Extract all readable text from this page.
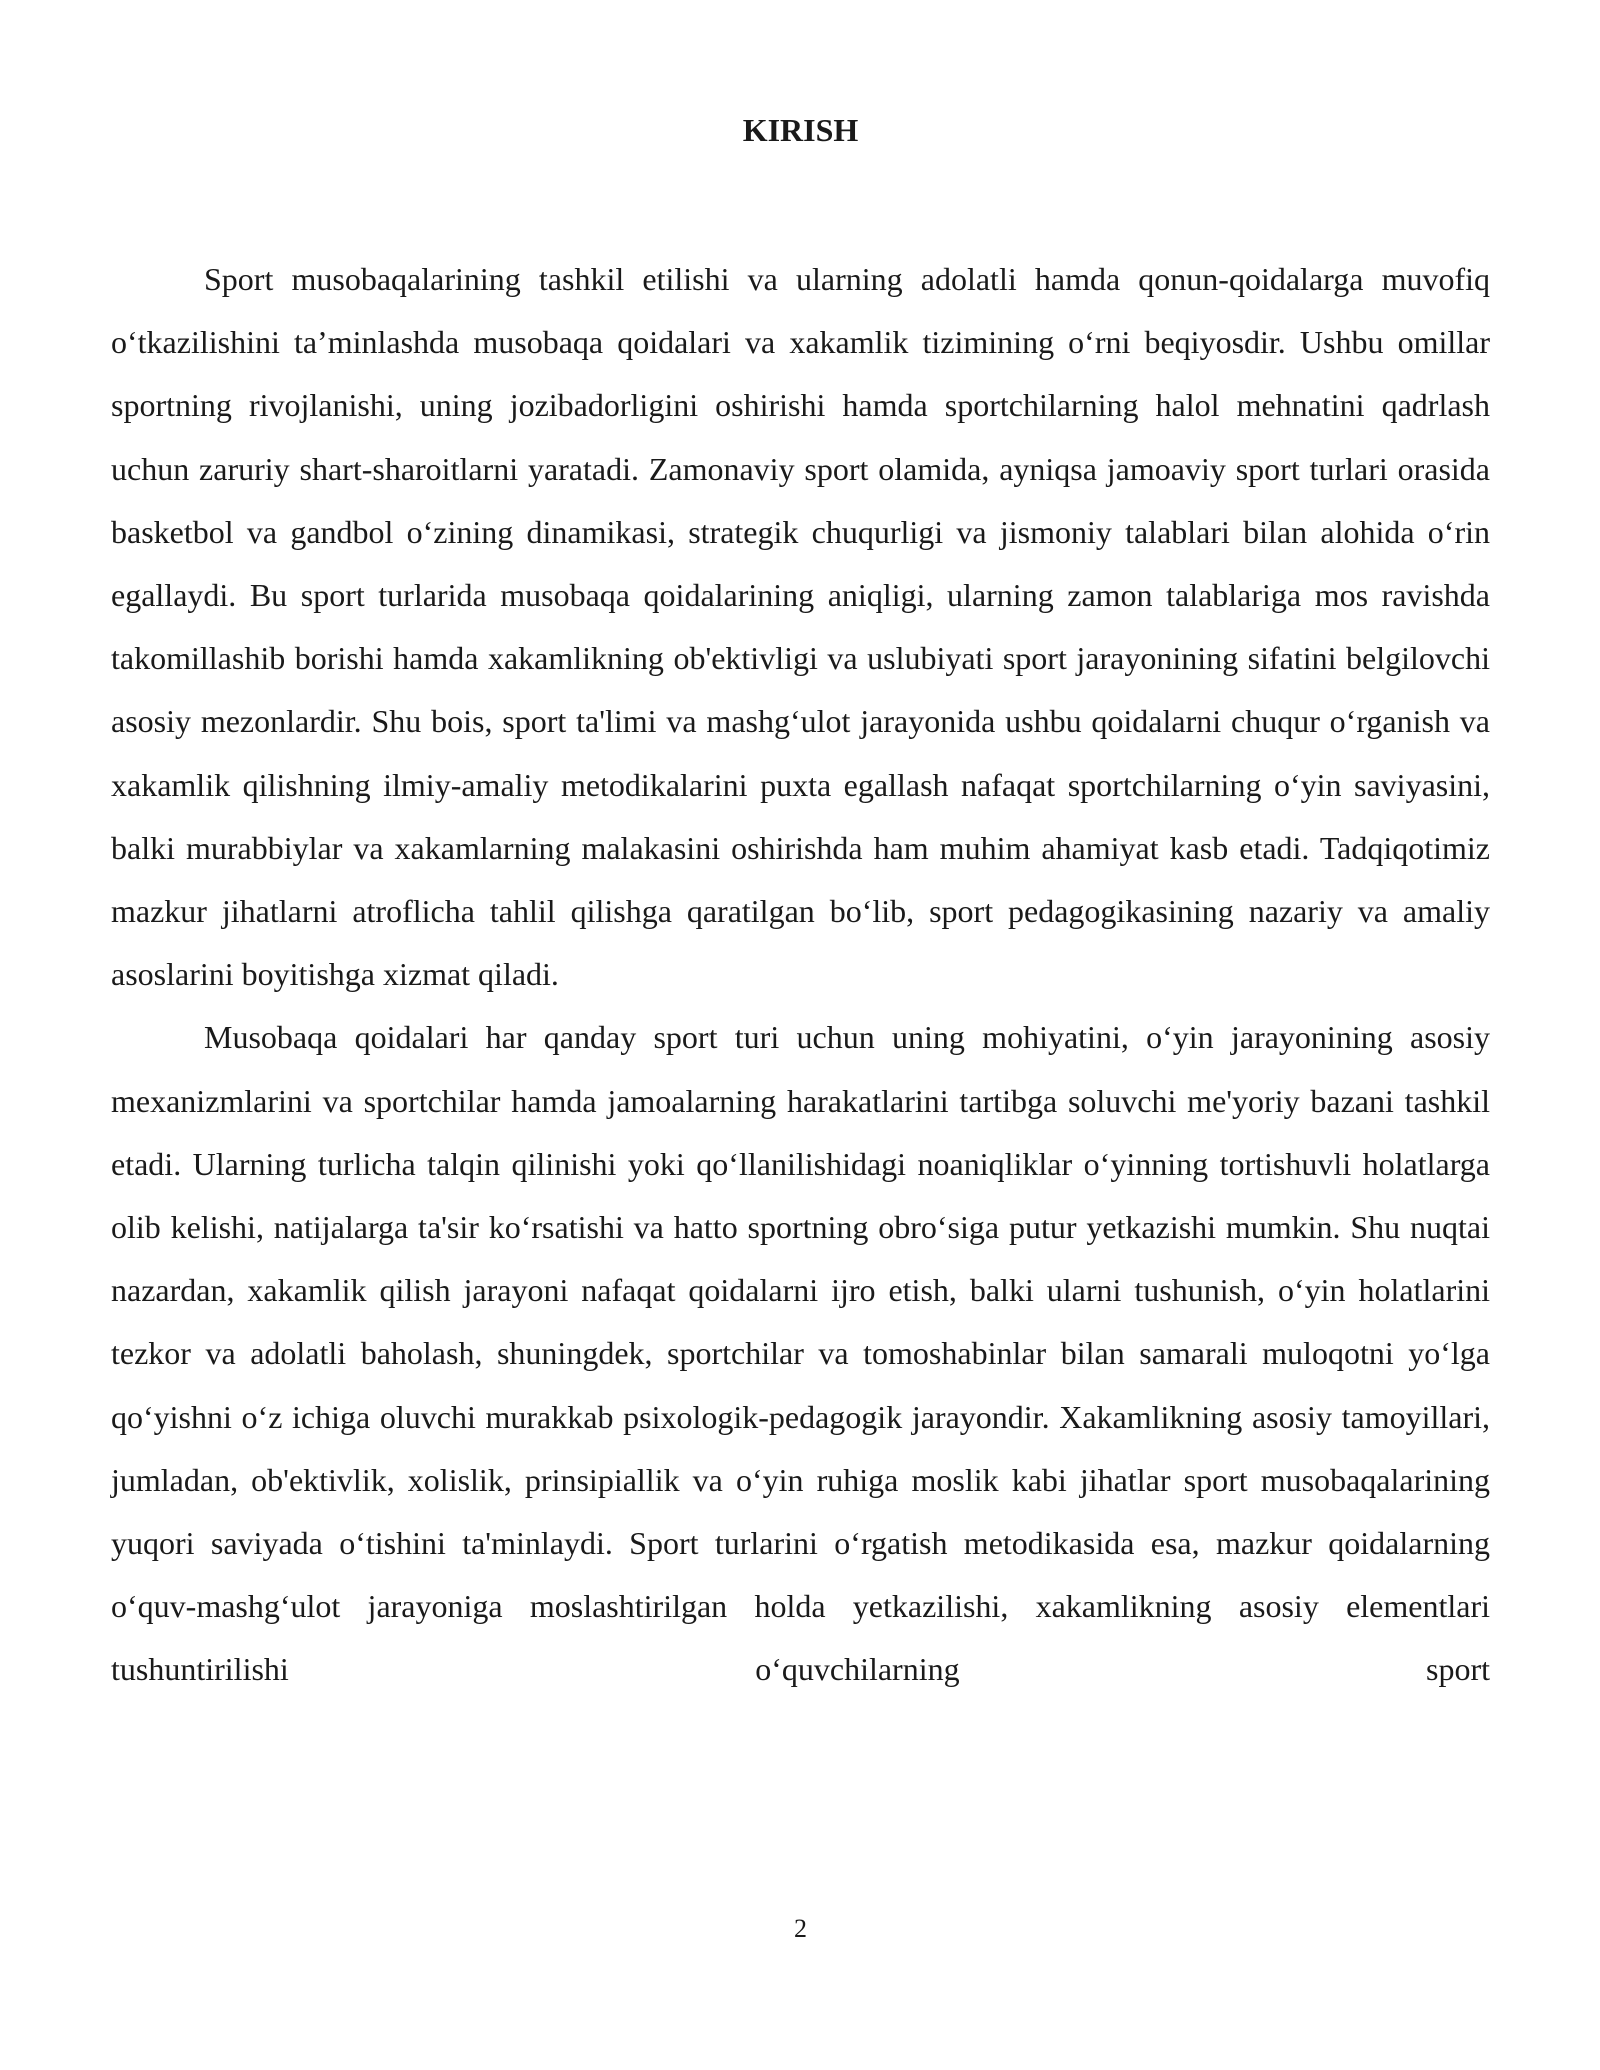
KIRISH

Sport musobaqalarining tashkil etilishi va ularning adolatli hamda qonun-qoidalarga muvofiq o‘tkazilishini ta’minlashda musobaqa qoidalari va xakamlik tizimining o‘rni beqiyosdir. Ushbu omillar sportning rivojlanishi, uning jozibadorligini oshirishi hamda sportchilarning halol mehnatini qadrlash uchun zaruriy shart-sharoitlarni yaratadi. Zamonaviy sport olamida, ayniqsa jamoaviy sport turlari orasida basketbol va gandbol o‘zining dinamikasi, strategik chuqurligi va jismoniy talablari bilan alohida o‘rin egallaydi. Bu sport turlarida musobaqa qoidalarining aniqligi, ularning zamon talablariga mos ravishda takomillashib borishi hamda xakamlikning ob'ektivligi va uslubiyati sport jarayonining sifatini belgilovchi asosiy mezonlardir. Shu bois, sport ta'limi va mashg‘ulot jarayonida ushbu qoidalarni chuqur o‘rganish va xakamlik qilishning ilmiy-amaliy metodikalarini puxta egallash nafaqat sportchilarning o‘yin saviyasini, balki murabbiylar va xakamlarning malakasini oshirishda ham muhim ahamiyat kasb etadi. Tadqiqotimiz mazkur jihatlarni atroflicha tahlil qilishga qaratilgan bo‘lib, sport pedagogikasining nazariy va amaliy asoslarini boyitishga xizmat qiladi.

Musobaqa qoidalari har qanday sport turi uchun uning mohiyatini, o‘yin jarayonining asosiy mexanizmlarini va sportchilar hamda jamoalarning harakatlarini tartibga soluvchi me'yoriy bazani tashkil etadi. Ularning turlicha talqin qilinishi yoki qo‘llanilishidagi noaniqliklar o‘yinning tortishuvli holatlarga olib kelishi, natijalarga ta'sir ko‘rsatishi va hatto sportning obro‘siga putur yetkazishi mumkin. Shu nuqtai nazardan, xakamlik qilish jarayoni nafaqat qoidalarni ijro etish, balki ularni tushunish, o‘yin holatlarini tezkor va adolatli baholash, shuningdek, sportchilar va tomoshabinlar bilan samarali muloqotni yo‘lga qo‘yishni o‘z ichiga oluvchi murakkab psixologik-pedagogik jarayondir. Xakamlikning asosiy tamoyillari, jumladan, ob'ektivlik, xolislik, prinsipiallik va o‘yin ruhiga moslik kabi jihatlar sport musobaqalarining yuqori saviyada o‘tishini ta'minlaydi. Sport turlarini o‘rgatish metodikasida esa, mazkur qoidalarning o‘quv-mashg‘ulot jarayoniga moslashtirilgan holda yetkazilishi, xakamlikning asosiy elementlari tushuntirilishi o‘quvchilarning sport

2
